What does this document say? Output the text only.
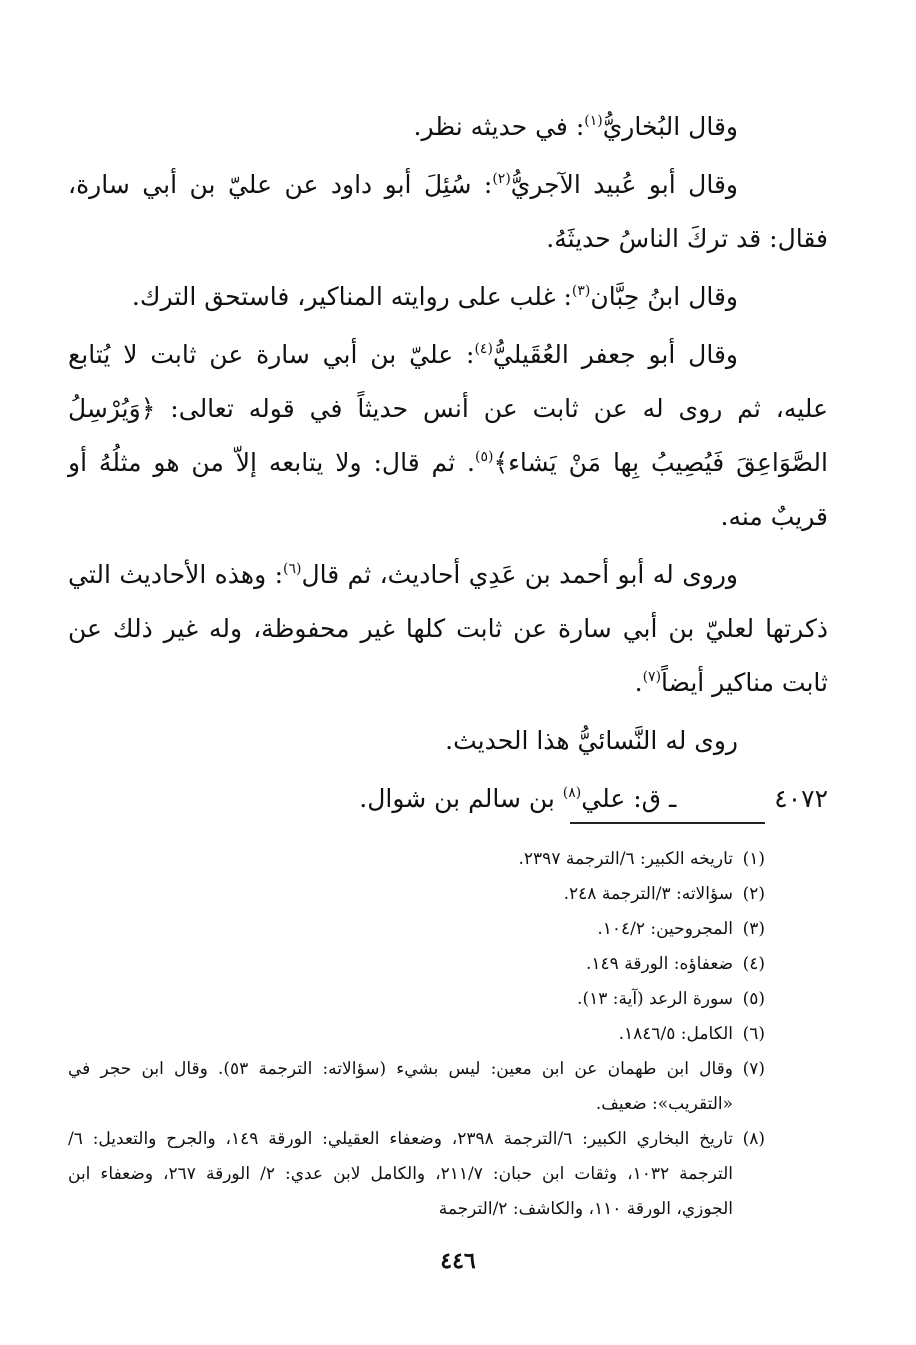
وقال البُخاريُّ$^{(١)}$: في حديثه نظر.

وقال أبو عُبيد الآجريُّ$^{(٢)}$: سُئِلَ أبو داود عن عليّ بن أبي سارة، فقال: قد تركَ الناسُ حديثَهُ.

وقال ابنُ حِبَّان$^{(٣)}$: غلب على روايته المناكير، فاستحق الترك.

وقال أبو جعفر العُقَيليُّ$^{(٤)}$: عليّ بن أبي سارة عن ثابت لا يُتابع عليه، ثم روى له عن ثابت عن أنس حديثاً في قوله تعالى: ﴿وَيُرْسِلُ الصَّوَاعِقَ فَيُصِيبُ بِها مَنْ يَشاء﴾$^{(٥)}$. ثم قال: ولا يتابعه إلاّ من هو مثلُهُ أو قريبٌ منه.

وروى له أبو أحمد بن عَدِي أحاديث، ثم قال$^{(٦)}$: وهذه الأحاديث التي ذكرتها لعليّ بن أبي سارة عن ثابت كلها غير محفوظة، وله غير ذلك عن ثابت مناكير أيضاً$^{(٧)}$.

روى له النَّسائيُّ هذا الحديث.

٤٠٧٢ ـ ق: علي$^{(٨)}$ بن سالم بن شوال.

(١)
تاريخه الكبير: ٦/الترجمة ٢٣٩٧.
(٢)
سؤالاته: ٣/الترجمة ٢٤٨.
(٣)
المجروحين: ١٠٤/٢.
(٤)
ضعفاؤه: الورقة ١٤٩.
(٥)
سورة الرعد (آية: ١٣).
(٦)
الكامل: ١٨٤٦/٥.
(٧)
وقال ابن طهمان عن ابن معين: ليس بشيء (سؤالاته: الترجمة ٥٣). وقال ابن حجر في «التقريب»: ضعيف.
(٨)
تاريخ البخاري الكبير: ٦/الترجمة ٢٣٩٨، وضعفاء العقيلي: الورقة ١٤٩، والجرح والتعديل: ٦/الترجمة ١٠٣٢، وثقات ابن حبان: ٢١١/٧، والكامل لابن عدي: ٢/ الورقة ٢٦٧، وضعفاء ابن الجوزي، الورقة ١١٠، والكاشف: ٢/الترجمة
٤٤٦
